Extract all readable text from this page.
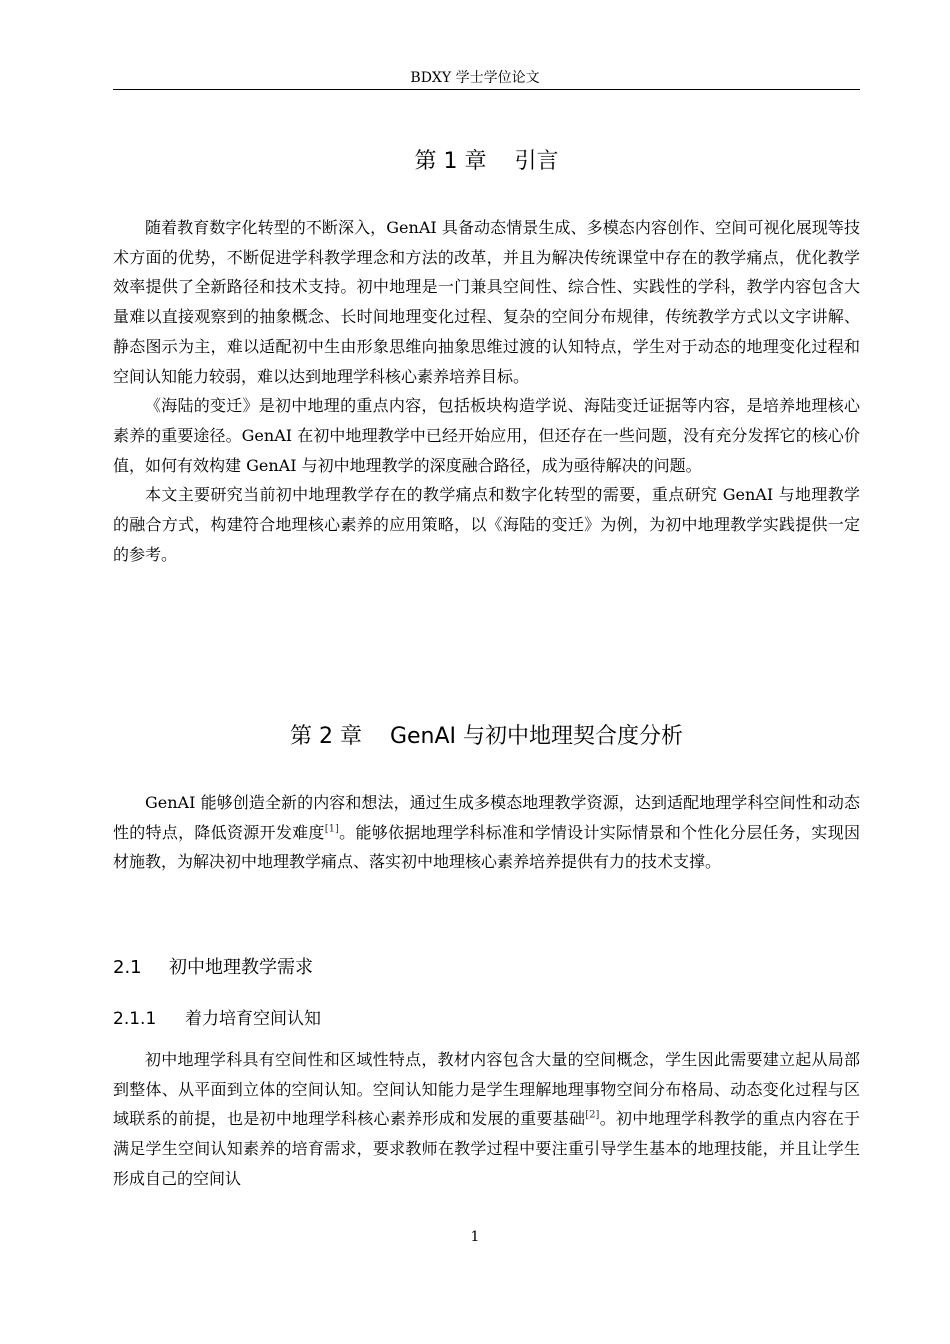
BDXY 学士学位论文
第 1 章 引言

随着教育数字化转型的不断深入，GenAI 具备动态情景生成、多模态内容创作、空间可视化展现等技术方面的优势，不断促进学科教学理念和方法的改革，并且为解决传统课堂中存在的教学痛点，优化教学效率提供了全新路径和技术支持。初中地理是一门兼具空间性、综合性、实践性的学科，教学内容包含大量难以直接观察到的抽象概念、长时间地理变化过程、复杂的空间分布规律，传统教学方式以文字讲解、静态图示为主，难以适配初中生由形象思维向抽象思维过渡的认知特点，学生对于动态的地理变化过程和空间认知能力较弱，难以达到地理学科核心素养培养目标。

《海陆的变迁》是初中地理的重点内容，包括板块构造学说、海陆变迁证据等内容，是培养地理核心素养的重要途径。GenAI 在初中地理教学中已经开始应用，但还存在一些问题，没有充分发挥它的核心价值，如何有效构建 GenAI 与初中地理教学的深度融合路径，成为亟待解决的问题。

本文主要研究当前初中地理教学存在的教学痛点和数字化转型的需要，重点研究 GenAI 与地理教学的融合方式，构建符合地理核心素养的应用策略，以《海陆的变迁》为例，为初中地理教学实践提供一定的参考。

第 2 章 GenAI 与初中地理契合度分析

GenAI 能够创造全新的内容和想法，通过生成多模态地理教学资源，达到适配地理学科空间性和动态性的特点，降低资源开发难度[1]。能够依据地理学科标准和学情设计实际情景和个性化分层任务，实现因材施教，为解决初中地理教学痛点、落实初中地理核心素养培养提供有力的技术支撑。

2.1 初中地理教学需求
2.1.1 着力培育空间认知

初中地理学科具有空间性和区域性特点，教材内容包含大量的空间概念，学生因此需要建立起从局部到整体、从平面到立体的空间认知。空间认知能力是学生理解地理事物空间分布格局、动态变化过程与区域联系的前提，也是初中地理学科核心素养形成和发展的重要基础[2]。初中地理学科教学的重点内容在于满足学生空间认知素养的培育需求，要求教师在教学过程中要注重引导学生基本的地理技能，并且让学生形成自己的空间认

1
